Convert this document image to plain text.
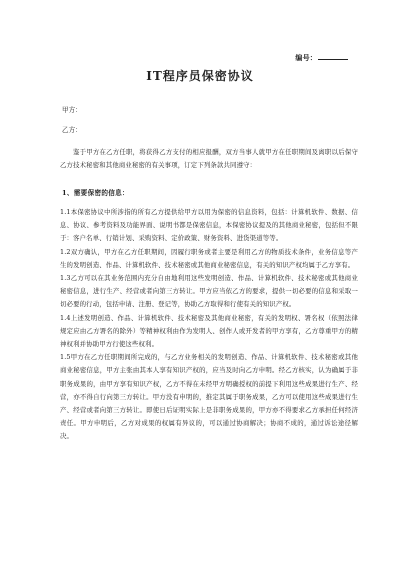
编号：
IT程序员保密协议
甲方：
乙方：
鉴于甲方在乙方任职，将获得乙方支付的相应报酬，双方当事人就甲方在任职期间及离职以后保守乙方技术秘密和其他商业秘密的有关事项，订定下列条款共同遵守：
1、需要保密的信息：

1.1本保密协议中所涉指的所有乙方提供给甲方以用为保密的信息资料，包括：计算机软件、数据、信息、协议、参考资料及功能界面、说明书都是保密信息，本保密协议提及的其他商业秘密，包括但不限于：客户名单、行销计划、采购资料、定价政策、财务资料、进货渠道等等。

1.2双方确认，甲方在乙方任职期间，因履行职务或者主要是利用乙方的物质技术条件，业务信息等产生的发明创造、作品、计算机软件、技术秘密或其他商业秘密信息，有关的知识产权均属于乙方享有。

1.3乙方可以在其业务范围内充分自由地利用这些发明创造、作品、计算机软件、技术秘密或其他商业秘密信息，进行生产、经营或者向第三方转让。甲方应当依乙方的要求，提供一切必要的信息和采取一切必要的行动，包括申请、注册、登记等，协助乙方取得和行使有关的知识产权。

1.4上述发明创造、作品、计算机软件、技术秘密及其他商业秘密，有关的发明权、署名权（依照法律规定应由乙方署名的除外）等精神权利由作为发明人、创作人或开发者的甲方享有，乙方尊重甲方的精神权利并协助甲方行使这些权利。

1.5甲方在乙方任职期间所完成的，与乙方业务相关的发明创造、作品、计算机软件、技术秘密或其他商业秘密信息，甲方主张由其本人享有知识产权的，应当及时向乙方申明。经乙方核实，认为确属于非职务成果的，由甲方享有知识产权，乙方不得在未经甲方明确授权的前提下利用这些成果进行生产、经营，亦不得自行向第三方转让。甲方没有申明的，推定其属于职务成果，乙方可以使用这些成果进行生产、经营或者向第三方转让。即使日后证明实际上是非职务成果的，甲方亦不得要求乙方承担任何经济责任。甲方申明后，乙方对成果的权属有异议的，可以通过协商解决；协商不成的，通过诉讼途径解决。
